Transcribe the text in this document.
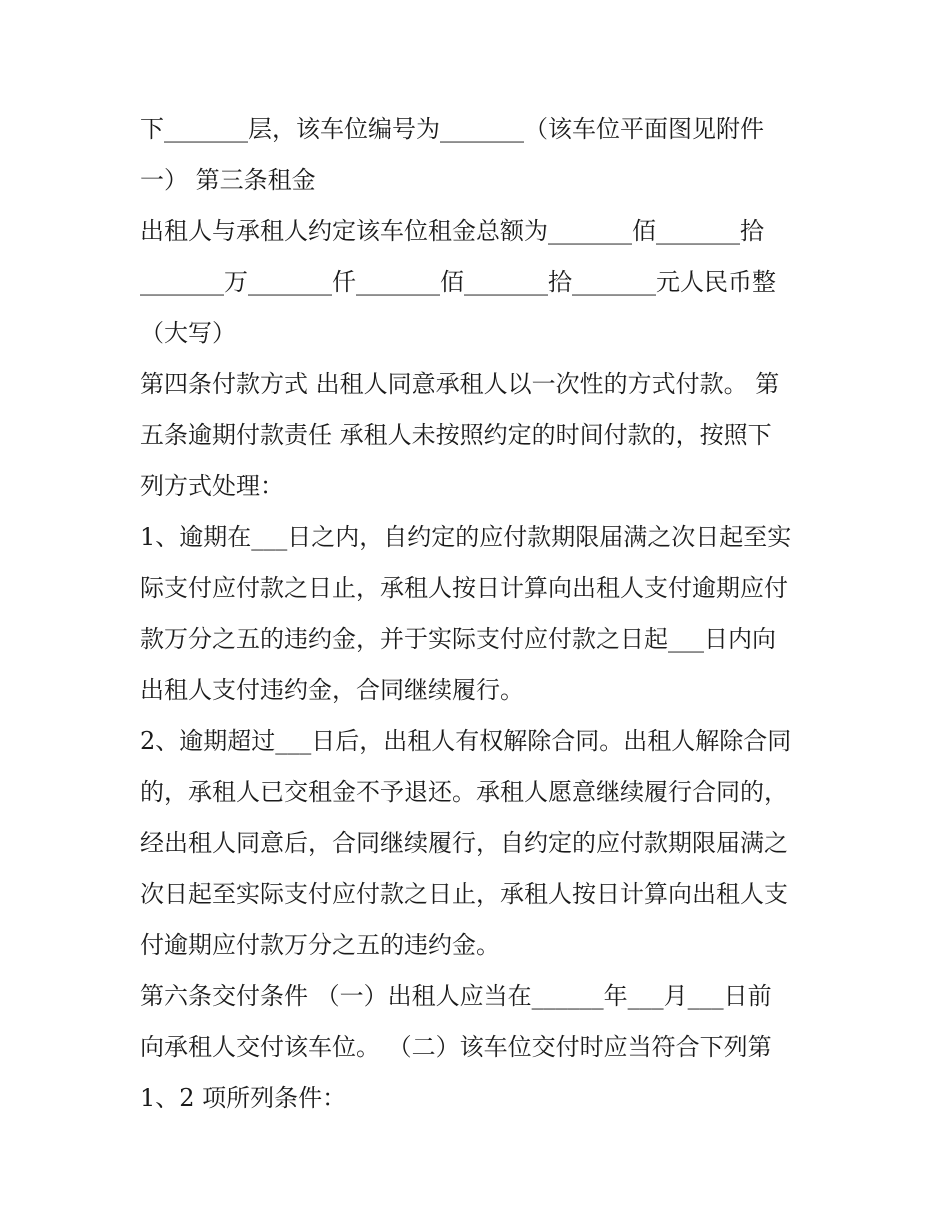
下_______层，该车位编号为_______（该车位平面图见附件
一） 第三条租金
出租人与承租人约定该车位租金总额为_______佰_______拾
_______万_______仟_______佰_______拾_______元人民币整
（大写）
第四条付款方式 出租人同意承租人以一次性的方式付款。 第
五条逾期付款责任 承租人未按照约定的时间付款的，按照下
列方式处理：
1、逾期在___日之内，自约定的应付款期限届满之次日起至实
际支付应付款之日止，承租人按日计算向出租人支付逾期应付
款万分之五的违约金，并于实际支付应付款之日起___日内向
出租人支付违约金，合同继续履行。
2、逾期超过___日后，出租人有权解除合同。出租人解除合同
的，承租人已交租金不予退还。承租人愿意继续履行合同的，
经出租人同意后，合同继续履行，自约定的应付款期限届满之
次日起至实际支付应付款之日止，承租人按日计算向出租人支
付逾期应付款万分之五的违约金。
第六条交付条件 （一）出租人应当在______年___月___日前
向承租人交付该车位。 （二）该车位交付时应当符合下列第
1、2 项所列条件：
